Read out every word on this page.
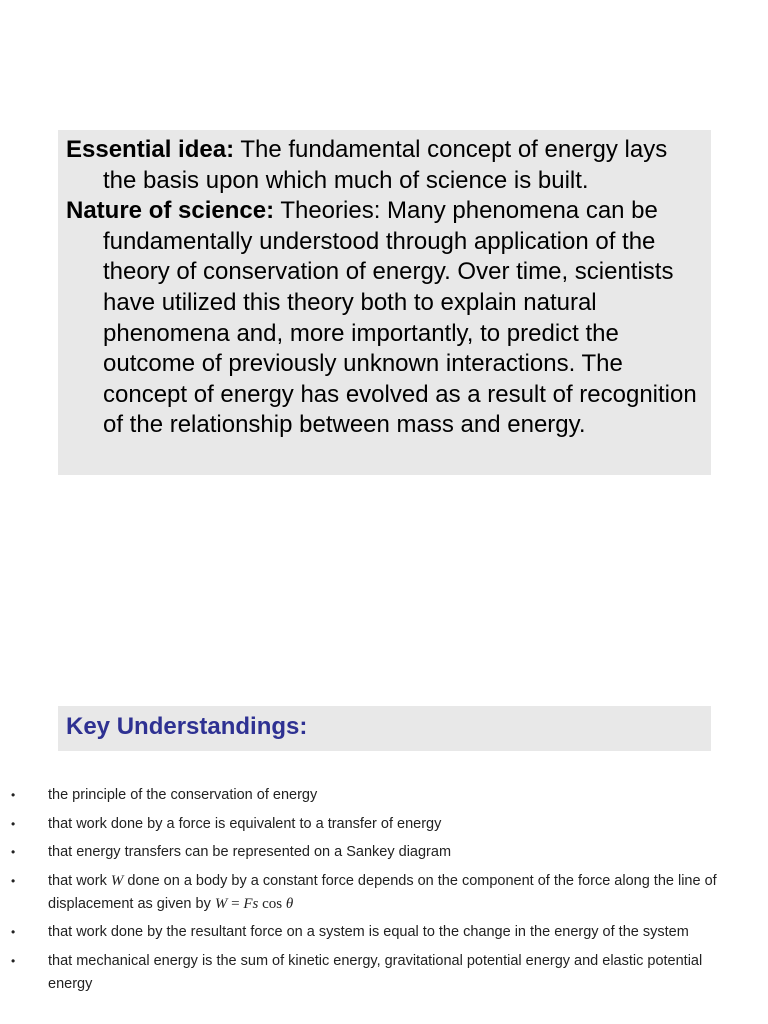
Essential idea: The fundamental concept of energy lays the basis upon which much of science is built.

Nature of science: Theories: Many phenomena can be fundamentally understood through application of the theory of conservation of energy. Over time, scientists have utilized this theory both to explain natural phenomena and, more importantly, to predict the outcome of previously unknown interactions. The concept of energy has evolved as a result of recognition of the relationship between mass and energy.

Key Understandings:
• the principle of the conservation of energy
• that work done by a force is equivalent to a transfer of energy
• that energy transfers can be represented on a Sankey diagram
• that work W done on a body by a constant force depends on the component of the force along the line of displacement as given by W = Fs cos θ
• that work done by the resultant force on a system is equal to the change in the energy of the system
• that mechanical energy is the sum of kinetic energy, gravitational potential energy and elastic potential energy
